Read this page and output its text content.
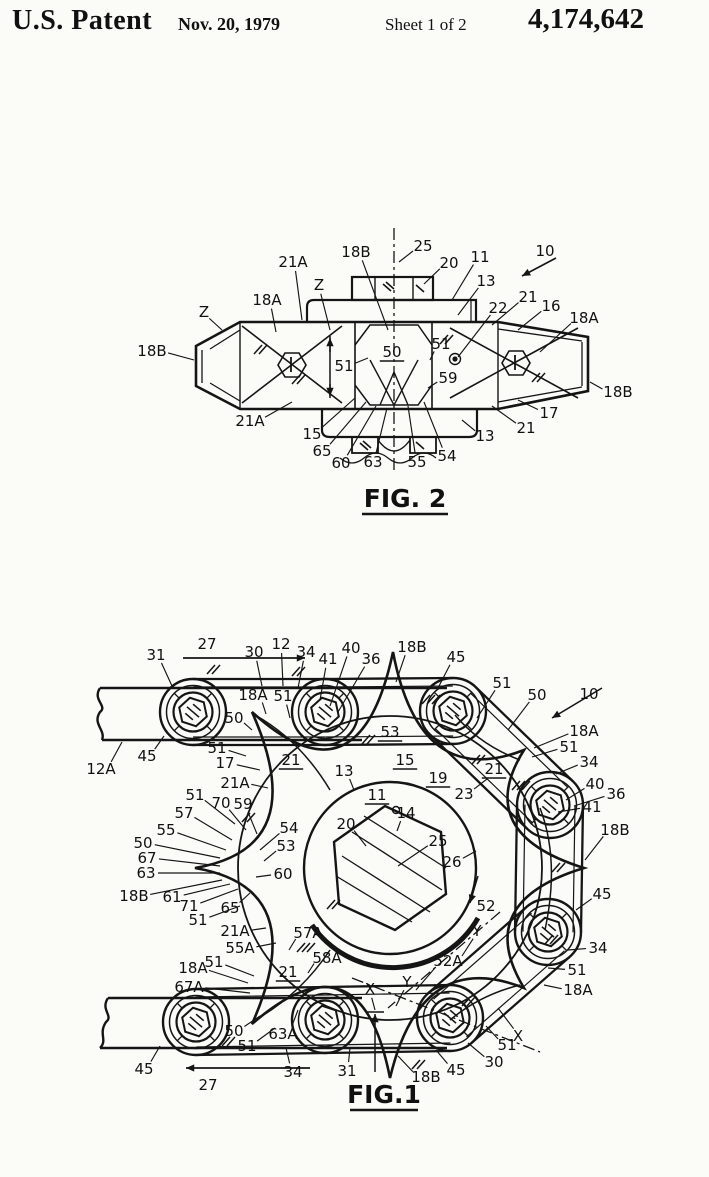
U.S. Patent Nov. 20, 1979	Sheet 1 of 2 4,174,642
FIG. 2
FIG.1
Z
18B
18A
21A
Z
18B	25
20 11
13
10
22
21 16
18A
51
50 51
59
18B
17
21
13
21A
15
65
60 63 55 54
31
27 30 12 34 41
40
36
18B
45
51
50 10
18A
51
34
40
36
41
18B
45
34
51
18A
12A
45
18A 51
50
51
17	21
21A
53
15
13	19
11	23
21
20
14
25
26
51 70 59
57
55
50
67
63
18B 61
71 65
51
54
53
60
52
Y
21A
55A
57A
58A
21
18A
51
67A
52A
Y
X
X
50 63A
51	51
30
45
45	34 31	18B
27
